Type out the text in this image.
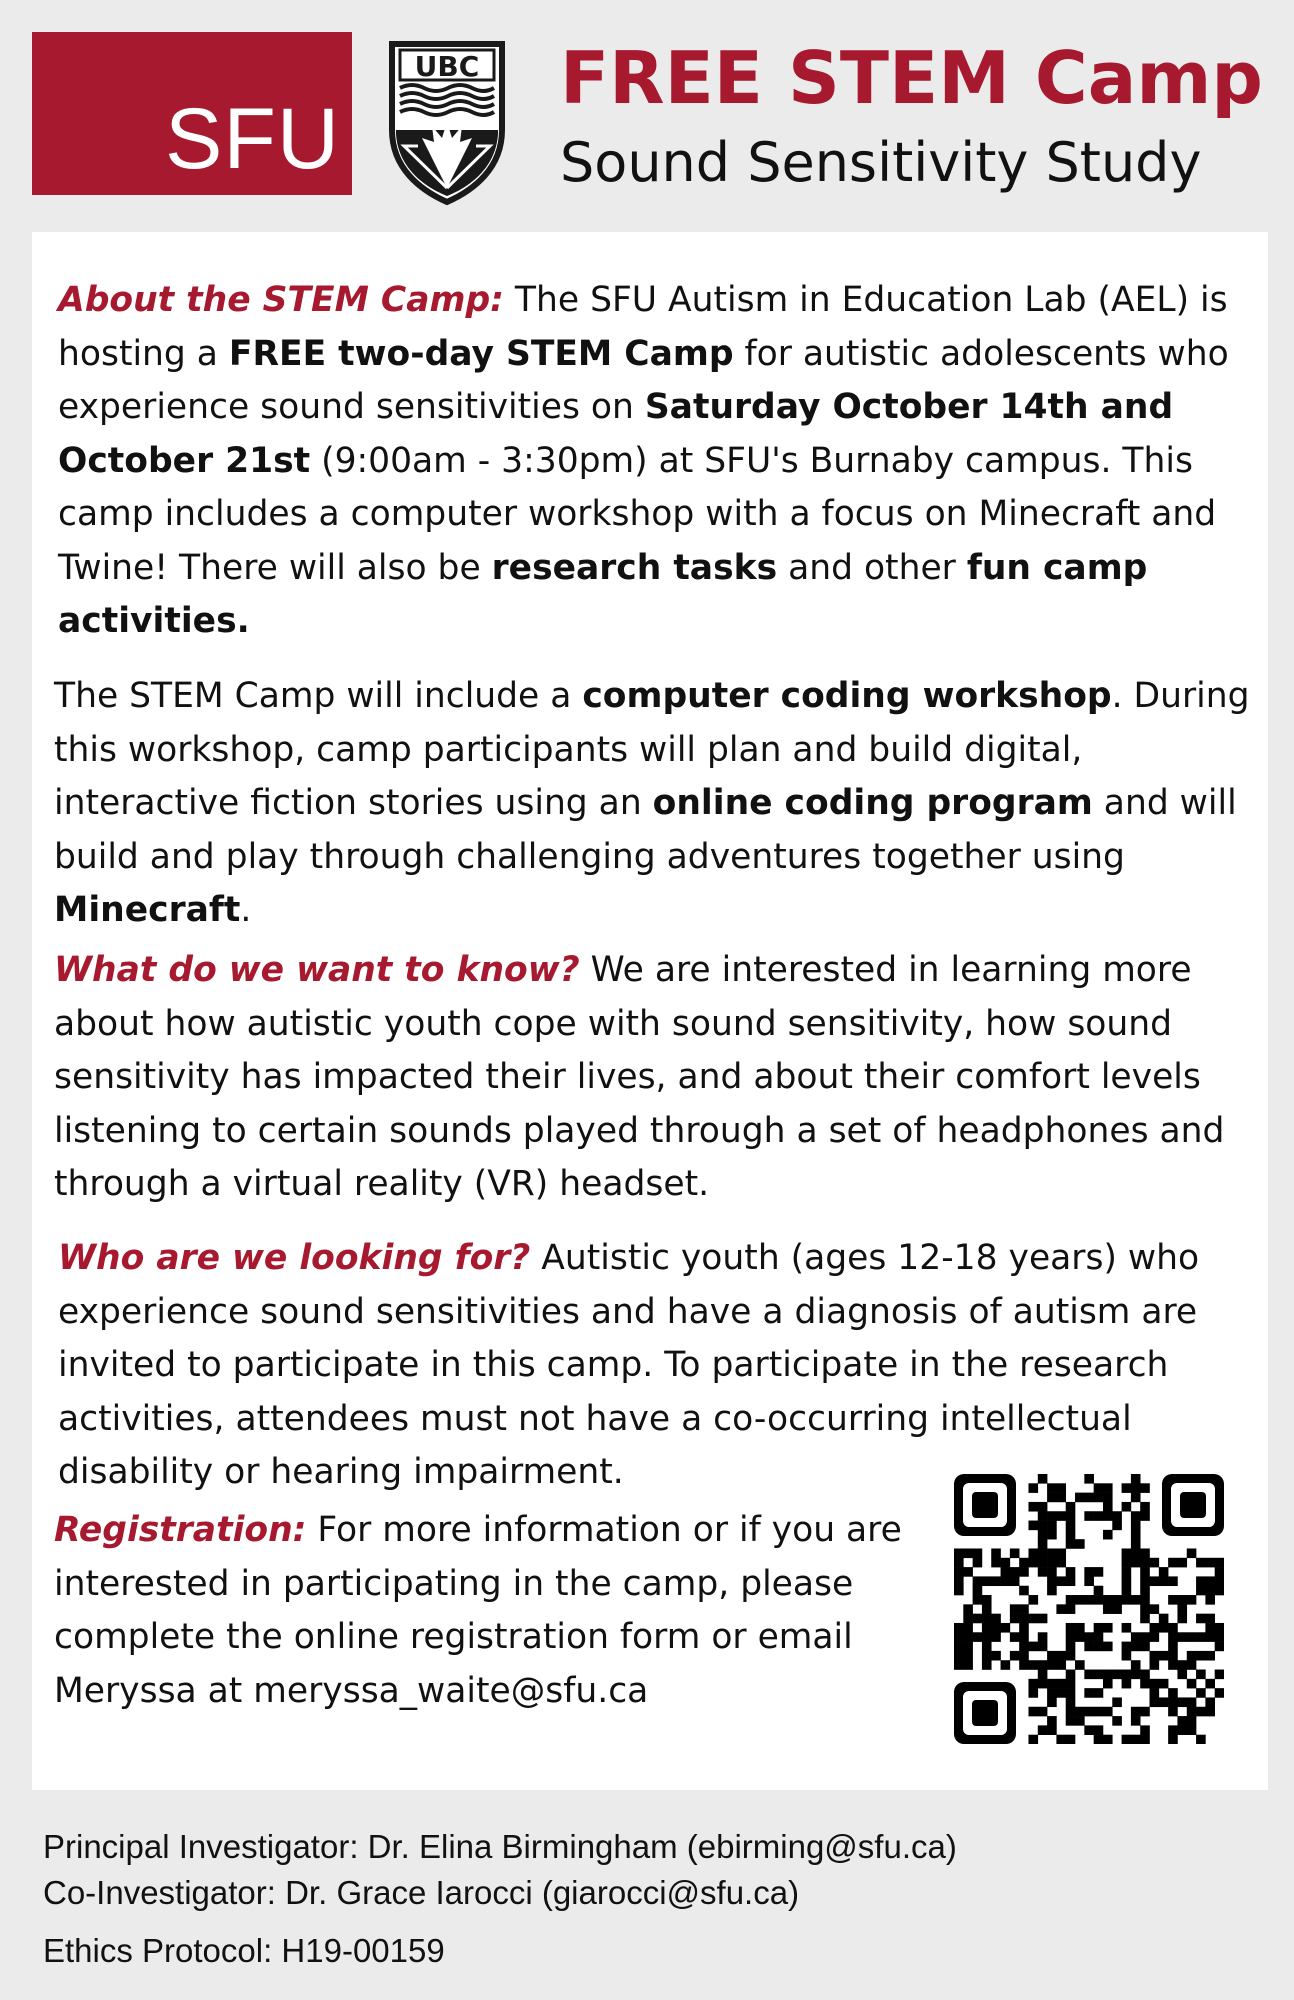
SFU
UBC FREE STEM Camp
Sound Sensitivity Study
About the STEM Camp: The SFU Autism in Education Lab (AEL) is hosting a FREE two-day STEM Camp for autistic adolescents who experience sound sensitivities on Saturday October 14th and October 21st (9:00am - 3:30pm) at SFU's Burnaby campus. This camp includes a computer workshop with a focus on Minecraft and Twine! There will also be research tasks and other fun camp activities.
The STEM Camp will include a computer coding workshop. During this workshop, camp participants will plan and build digital, interactive fiction stories using an online coding program and will build and play through challenging adventures together using Minecraft.
What do we want to know? We are interested in learning more about how autistic youth cope with sound sensitivity, how sound sensitivity has impacted their lives, and about their comfort levels listening to certain sounds played through a set of headphones and through a virtual reality (VR) headset.
Who are we looking for? Autistic youth (ages 12-18 years) who experience sound sensitivities and have a diagnosis of autism are invited to participate in this camp. To participate in the research activities, attendees must not have a co-occurring intellectual disability or hearing impairment.
Registration: For more information or if you are interested in participating in the camp, please complete the online registration form or email Meryssa at meryssa_waite@sfu.ca
Principal Investigator: Dr. Elina Birmingham (ebirming@sfu.ca)
Co-Investigator: Dr. Grace Iarocci (giarocci@sfu.ca)
Ethics Protocol: H19-00159
